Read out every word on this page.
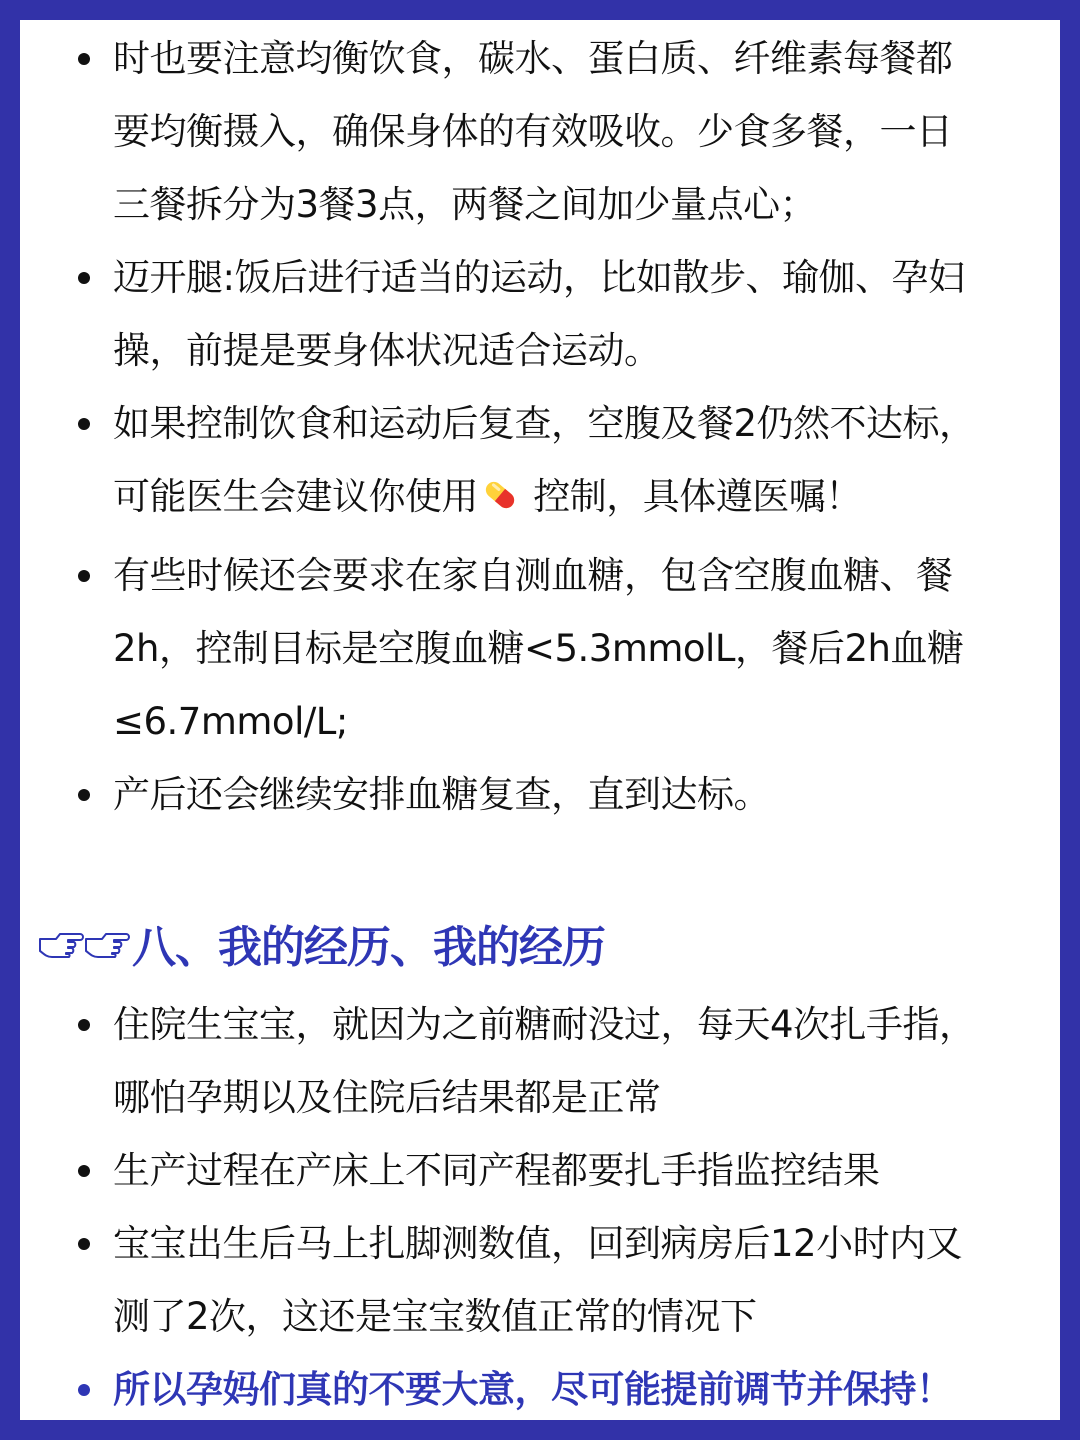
时也要注意均衡饮食，碳水、蛋白质、纤维素每餐都
要均衡摄入，确保身体的有效吸收。少食多餐，一日
三餐拆分为3餐3点，两餐之间加少量点心；
迈开腿:饭后进行适当的运动，比如散步、瑜伽、孕妇
操，前提是要身体状况适合运动。
如果控制饮食和运动后复查，空腹及餐2仍然不达标，
可能医生会建议你使用 控制，具体遵医嘱！
有些时候还会要求在家自测血糖，包含空腹血糖、餐
2h，控制目标是空腹血糖<5.3mmolL，餐后2h血糖
≤6.7mmol/L;
产后还会继续安排血糖复查，直到达标。
八、我的经历、我的经历
住院生宝宝，就因为之前糖耐没过，每天4次扎手指，
哪怕孕期以及住院后结果都是正常
生产过程在产床上不同产程都要扎手指监控结果
宝宝出生后马上扎脚测数值，回到病房后12小时内又
测了2次，这还是宝宝数值正常的情况下
所以孕妈们真的不要大意，尽可能提前调节并保持！
